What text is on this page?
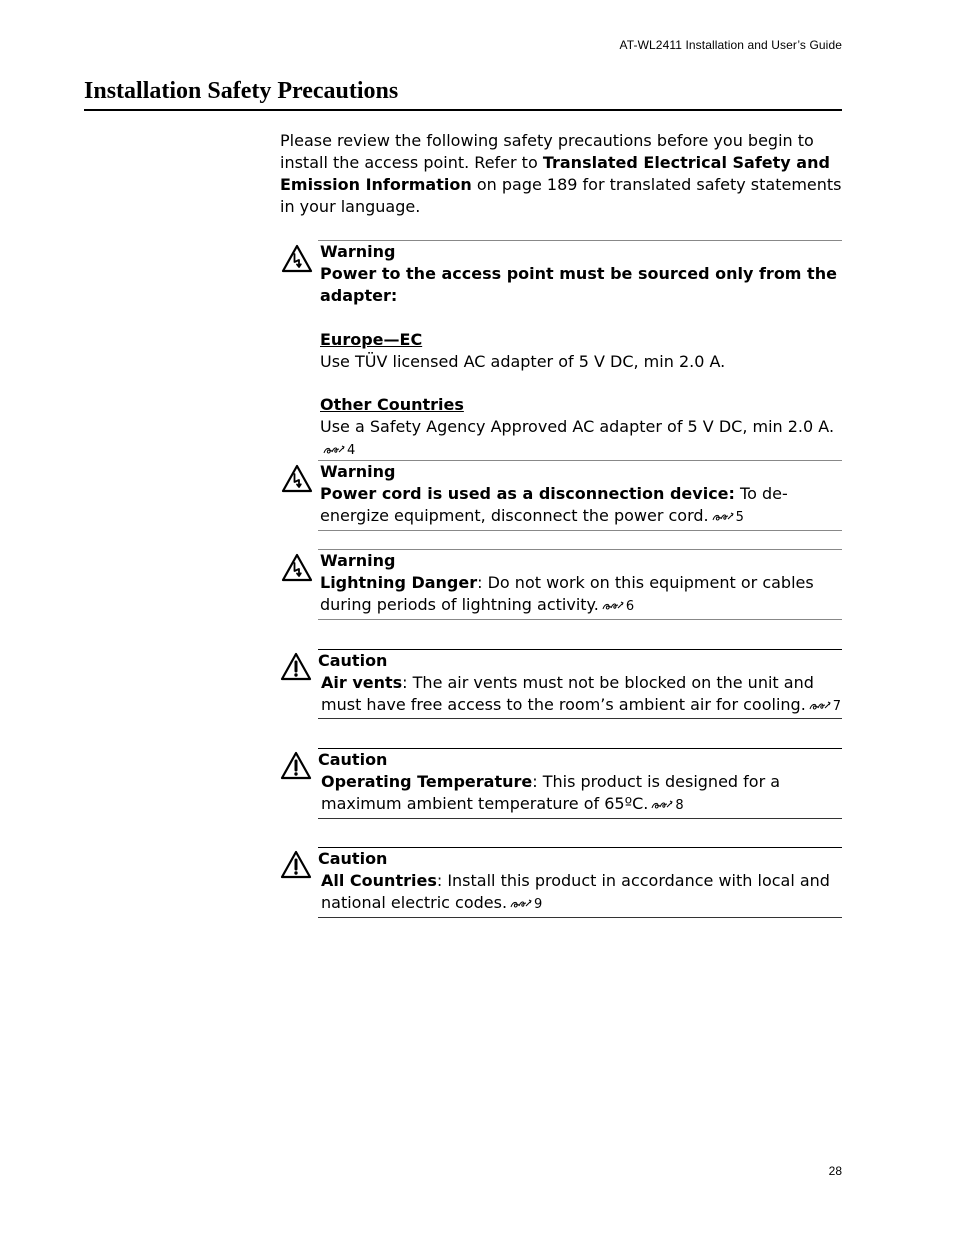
AT-WL2411 Installation and User’s Guide
Installation Safety Precautions

Please review the following safety precautions before you begin to install the access point. Refer to Translated Electrical Safety and Emission Information on page 189 for translated safety statements in your language.

Warning
Power to the access point must be sourced only from the adapter:
Europe—EC
Use TÜV licensed AC adapter of 5 V DC, min 2.0 A.
Other Countries
Use a Safety Agency Approved AC adapter of 5 V DC, min 2.0 A.4
Warning
Power cord is used as a disconnection device: To de-energize equipment, disconnect the power cord. 5
Warning
Lightning Danger: Do not work on this equipment or cables during periods of lightning activity. 6
Caution
Air vents: The air vents must not be blocked on the unit and must have free access to the room’s ambient air for cooling. 7
Caution
Operating Temperature: This product is designed for a maximum ambient temperature of 65ºC. 8
Caution
All Countries: Install this product in accordance with local and national electric codes. 9
28
